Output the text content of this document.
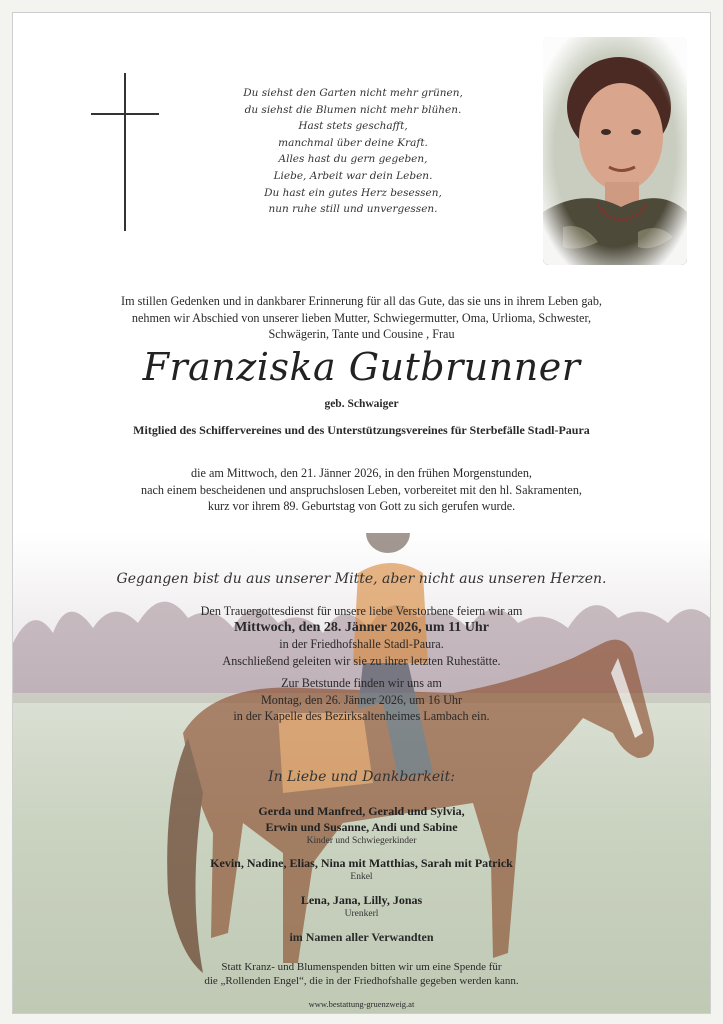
Du siehst den Garten nicht mehr grünen,
du siehst die Blumen nicht mehr blühen.
Hast stets geschafft,
manchmal über deine Kraft.
Alles hast du gern gegeben,
Liebe, Arbeit war dein Leben.
Du hast ein gutes Herz besessen,
nun ruhe still und unvergessen.
Im stillen Gedenken und in dankbarer Erinnerung für all das Gute, das sie uns in ihrem Leben gab,
nehmen wir Abschied von unserer lieben Mutter, Schwiegermutter, Oma, Urlioma, Schwester,
Schwägerin, Tante und Cousine , Frau
Franziska Gutbrunner
geb. Schwaiger
Mitglied des Schiffervereines und des Unterstützungsvereines für Sterbefälle Stadl-Paura
die am Mittwoch, den 21. Jänner 2026, in den frühen Morgenstunden,
nach einem bescheidenen und anspruchslosen Leben, vorbereitet mit den hl. Sakramenten,
kurz vor ihrem 89. Geburtstag von Gott zu sich gerufen wurde.
Gegangen bist du aus unserer Mitte, aber nicht aus unseren Herzen.
Den Trauergottesdienst für unsere liebe Verstorbene feiern wir am
Mittwoch, den 28. Jänner 2026, um 11 Uhr
in der Friedhofshalle Stadl-Paura.
Anschließend geleiten wir sie zu ihrer letzten Ruhestätte.
Zur Betstunde finden wir uns am
Montag, den 26. Jänner 2026, um 16 Uhr
in der Kapelle des Bezirksaltenheimes Lambach ein.
In Liebe und Dankbarkeit:
Gerda und Manfred, Gerald und Sylvia,
Erwin und Susanne, Andi und Sabine
Kinder und Schwiegerkinder
Kevin, Nadine, Elias, Nina mit Matthias, Sarah mit Patrick
Enkel
Lena, Jana, Lilly, Jonas
Urenkerl
im Namen aller Verwandten
Statt Kranz- und Blumenspenden bitten wir um eine Spende für
die „Rollenden Engel“, die in der Friedhofshalle gegeben werden kann.
www.bestattung-gruenzweig.at
